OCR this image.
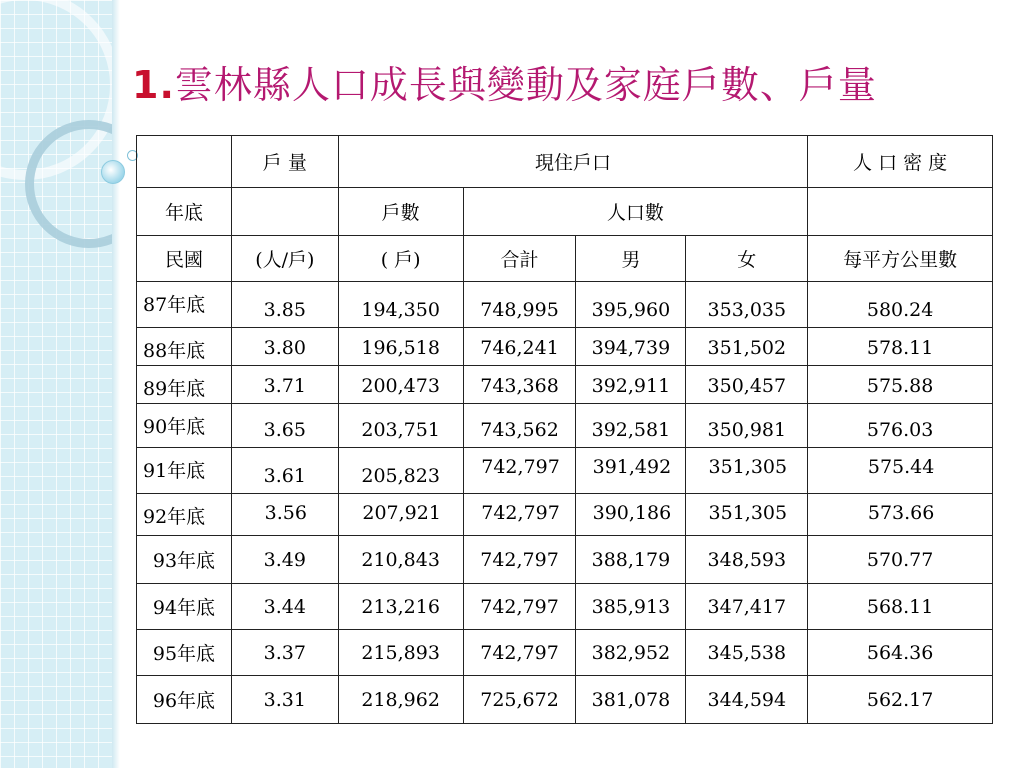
1.雲林縣人口成長與變動及家庭戶數、戶量
	戶 量	現住戶口				人 口 密 度
年底		戶數	人口數			
民國	(人/戶)	( 戶)	合計	男	女	每平方公里數
87年底	3.85	194,350	748,995	395,960	353,035	580.24
88年底	3.80	196,518	746,241	394,739	351,502	578.11
89年底	3.71	200,473	743,368	392,911	350,457	575.88
90年底	3.65	203,751	743,562	392,581	350,981	576.03
91年底	3.61	205,823	742,797	391,492	351,305	575.44
92年底	3.56	207,921	742,797	390,186	351,305	573.66
93年底	3.49	210,843	742,797	388,179	348,593	570.77
94年底	3.44	213,216	742,797	385,913	347,417	568.11
95年底	3.37	215,893	742,797	382,952	345,538	564.36
96年底	3.31	218,962	725,672	381,078	344,594	562.17
